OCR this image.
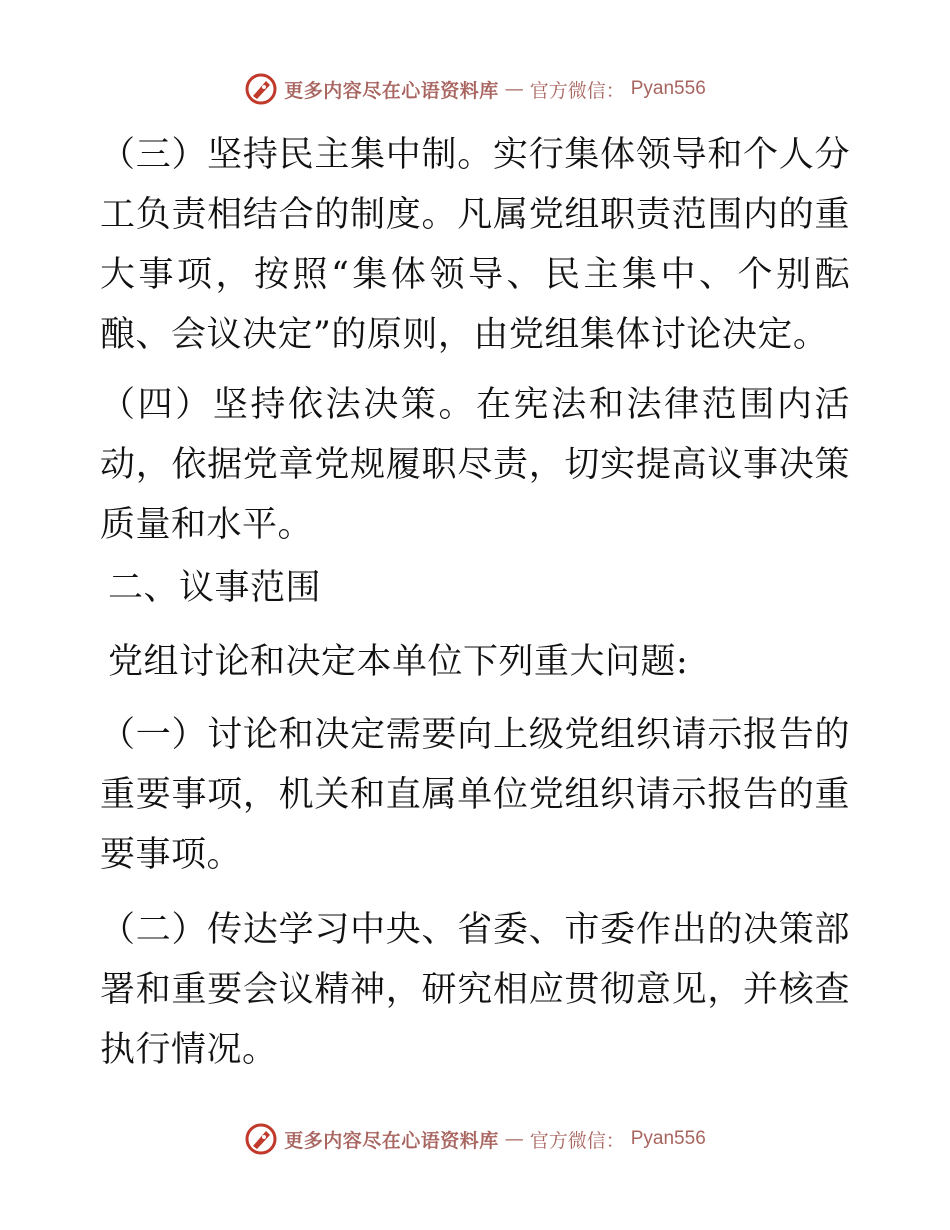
更多内容尽在心语资料库 — 官方微信： Pyan556

（三）坚持民主集中制。实行集体领导和个人分工负责相结合的制度。凡属党组职责范围内的重大事项，按照“集体领导、民主集中、个别酝酿、会议决定”的原则，由党组集体讨论决定。

（四）坚持依法决策。在宪法和法律范围内活动，依据党章党规履职尽责，切实提高议事决策质量和水平。

二、议事范围

党组讨论和决定本单位下列重大问题:

（一）讨论和决定需要向上级党组织请示报告的重要事项，机关和直属单位党组织请示报告的重要事项。

（二）传达学习中央、省委、市委作出的决策部署和重要会议精神，研究相应贯彻意见，并核查执行情况。

更多内容尽在心语资料库 — 官方微信： Pyan556
